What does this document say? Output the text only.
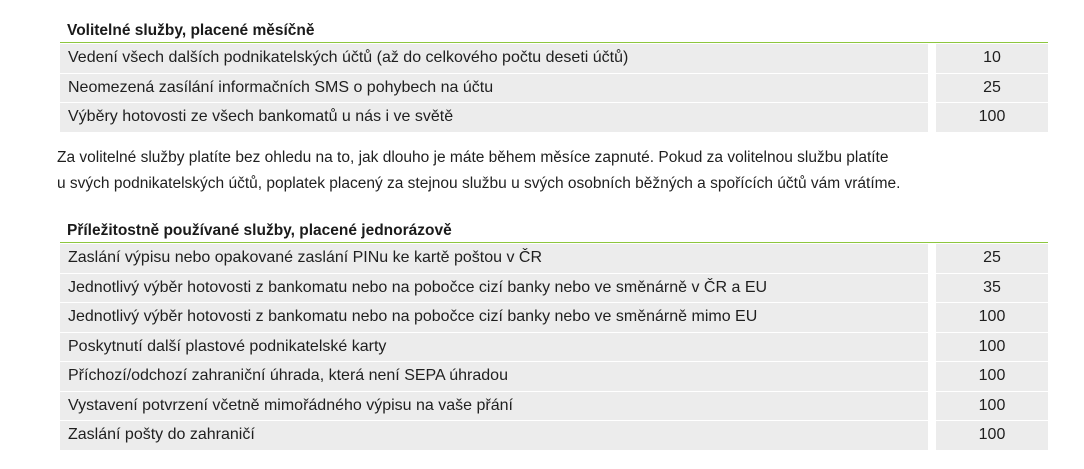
Volitelné služby, placené měsíčně
Vedení všech dalších podnikatelských účtů (až do celkového počtu deseti účtů)	10
Neomezená zasílání informačních SMS o pohybech na účtu	25
Výběry hotovosti ze všech bankomatů u nás i ve světě	100

Za volitelné služby platíte bez ohledu na to, jak dlouho je máte během měsíce zapnuté. Pokud za volitelnou službu platíte

u svých podnikatelských účtů, poplatek placený za stejnou službu u svých osobních běžných a spořících účtů vám vrátíme.

Příležitostně používané služby, placené jednorázově
Zaslání výpisu nebo opakované zaslání PINu ke kartě poštou v ČR	25
Jednotlivý výběr hotovosti z bankomatu nebo na pobočce cizí banky nebo ve směnárně v ČR a EU	35
Jednotlivý výběr hotovosti z bankomatu nebo na pobočce cizí banky nebo ve směnárně mimo EU	100
Poskytnutí další plastové podnikatelské karty	100
Příchozí/odchozí zahraniční úhrada, která není SEPA úhradou	100
Vystavení potvrzení včetně mimořádného výpisu na vaše přání	100
Zaslání pošty do zahraničí	100
